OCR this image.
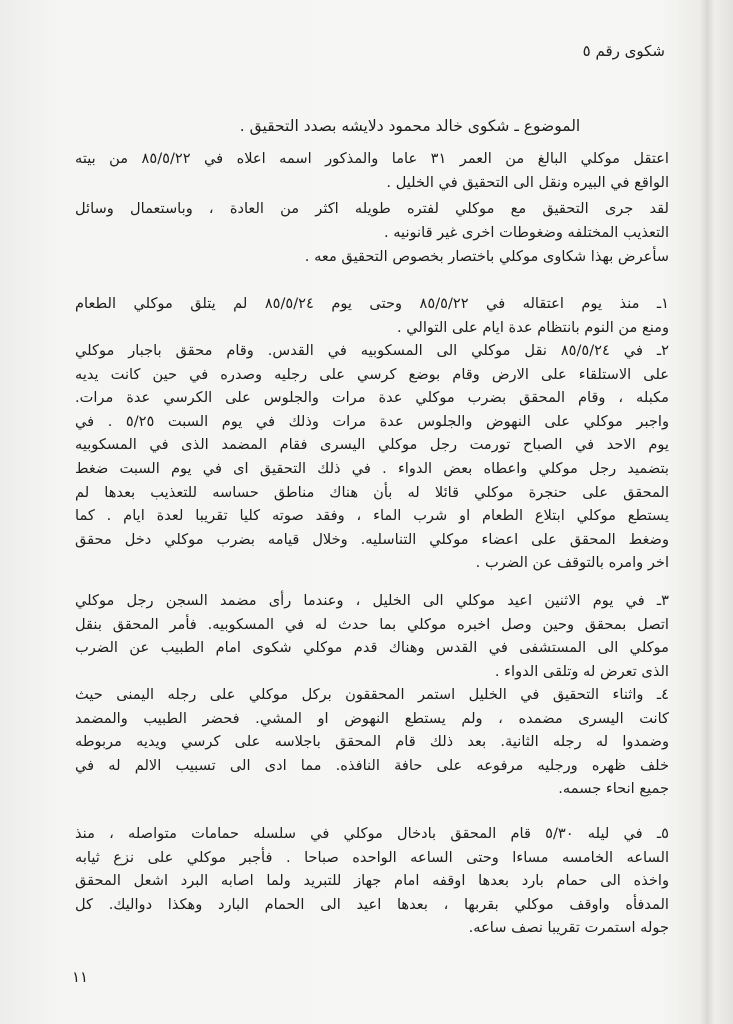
شكوى رقم ٥
الموضوع ـ شكوى خالد محمود دلايشه بصدد التحقيق .
اعتقل موكلي البالغ من العمر ٣١ عاما والمذكور اسمه اعلاه في ٨٥/٥/٢٢ من بيته
الواقع في البيره ونقل الى التحقيق في الخليل .
لقد جرى التحقيق مع موكلي لفتره طويله اكثر من العادة ، وباستعمال وسائل
التعذيب المختلفه وضغوطات اخرى غير قانونيه .
سأعرض بهذا شكاوى موكلي باختصار بخصوص التحقيق معه .
١ـ منذ يوم اعتقاله في ٨٥/٥/٢٢ وحتى يوم ٨٥/٥/٢٤ لم يتلق موكلي الطعام
ومنع من النوم بانتظام عدة ايام على التوالي .
٢ـ في ٨٥/٥/٢٤ نقل موكلي الى المسكوبيه في القدس. وقام محقق باجبار موكلي
على الاستلقاء على الارض وقام بوضع كرسي على رجليه وصدره في حين كانت يديه
مكبله ، وقام المحقق بضرب موكلي عدة مرات والجلوس على الكرسي عدة مرات.
واجبر موكلي على النهوض والجلوس عدة مرات وذلك في يوم السبت ٥/٢٥ . في
يوم الاحد في الصباح تورمت رجل موكلي اليسرى فقام المضمد الذى في المسكوبيه
بتضميد رجل موكلي واعطاه بعض الدواء . في ذلك التحقيق اى في يوم السبت ضغط
المحقق على حنجرة موكلي قائلا له بأن هناك مناطق حساسه للتعذيب بعدها لم
يستطع موكلي ابتلاع الطعام او شرب الماء ، وفقد صوته كليا تقريبا لعدة ايام . كما
وضغط المحقق على اعضاء موكلي التناسليه. وخلال قيامه بضرب موكلي دخل محقق
اخر وامره بالتوقف عن الضرب .
٣ـ في يوم الاثنين اعيد موكلي الى الخليل ، وعندما رأى مضمد السجن رجل موكلي
اتصل بمحقق وحين وصل اخبره موكلي بما حدث له في المسكوبيه. فأمر المحقق بنقل
موكلي الى المستشفى في القدس وهناك قدم موكلي شكوى امام الطبيب عن الضرب
الذى تعرض له وتلقى الدواء .
٤ـ واثناء التحقيق في الخليل استمر المحققون بركل موكلي على رجله اليمنى حيث
كانت اليسرى مضمده ، ولم يستطع النهوض او المشي. فحضر الطبيب والمضمد
وضمدوا له رجله الثانية. بعد ذلك قام المحقق باجلاسه على كرسي ويديه مربوطه
خلف ظهره ورجليه مرفوعه على حافة النافذه. مما ادى الى تسبيب الالم له في
جميع انحاء جسمه.
٥ـ في ليله ٥/٣٠ قام المحقق بادخال موكلي في سلسله حمامات متواصله ، منذ
الساعه الخامسه مساءا وحتى الساعه الواحده صباحا . فأجبر موكلي على نزع ثيابه
واخذه الى حمام بارد بعدها اوقفه امام جهاز للتبريد ولما اصابه البرد اشعل المحقق
المدفأه واوقف موكلي بقربها ، بعدها اعيد الى الحمام البارد وهكذا دواليك. كل
جوله استمرت تقريبا نصف ساعه.
١١
